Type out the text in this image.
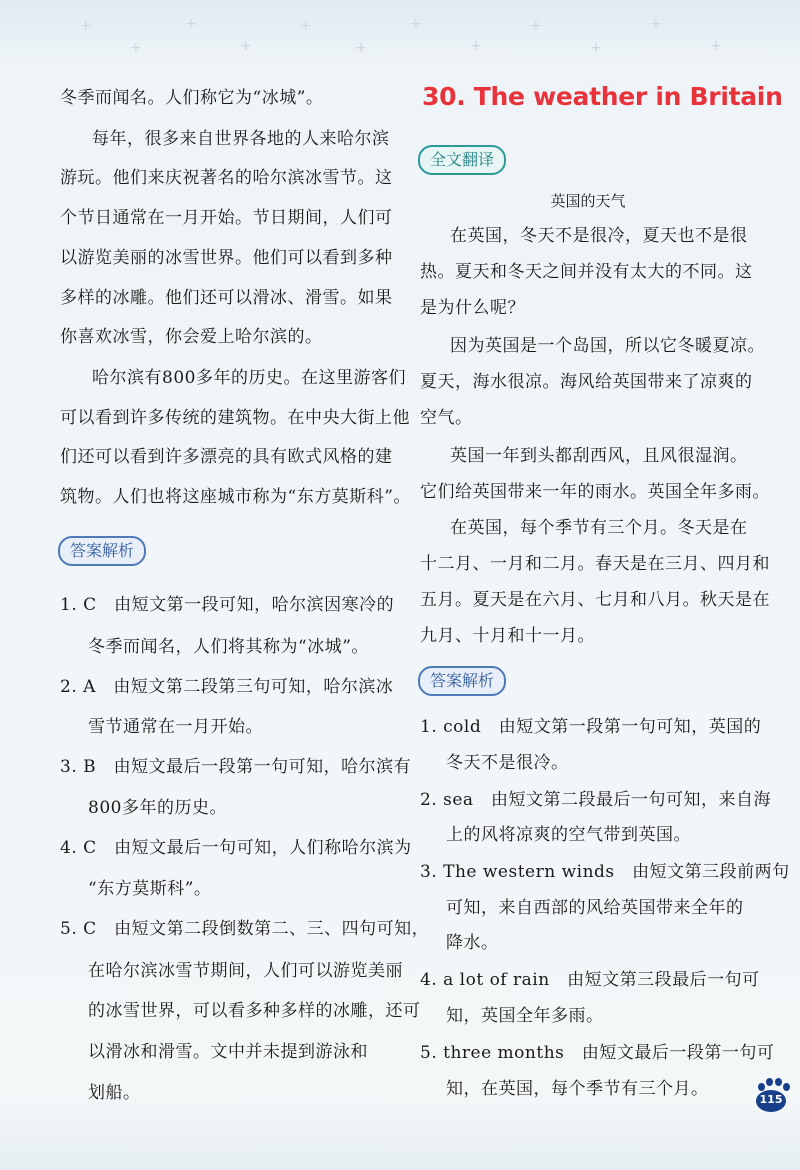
+
+
+
+
+
+
+
+
+
+
+
+
冬季而闻名。人们称它为“冰城”。
每年，很多来自世界各地的人来哈尔滨
游玩。他们来庆祝著名的哈尔滨冰雪节。这
个节日通常在一月开始。节日期间，人们可
以游览美丽的冰雪世界。他们可以看到多种
多样的冰雕。他们还可以滑冰、滑雪。如果
你喜欢冰雪，你会爱上哈尔滨的。
哈尔滨有800多年的历史。在这里游客们
可以看到许多传统的建筑物。在中央大街上他
们还可以看到许多漂亮的具有欧式风格的建
筑物。人们也将这座城市称为“东方莫斯科”。
答案解析
1. C　由短文第一段可知，哈尔滨因寒冷的
冬季而闻名，人们将其称为“冰城”。
2. A　由短文第二段第三句可知，哈尔滨冰
雪节通常在一月开始。
3. B　由短文最后一段第一句可知，哈尔滨有
800多年的历史。
4. C　由短文最后一句可知，人们称哈尔滨为
“东方莫斯科”。
5. C　由短文第二段倒数第二、三、四句可知，
在哈尔滨冰雪节期间，人们可以游览美丽
的冰雪世界，可以看多种多样的冰雕，还可
以滑冰和滑雪。文中并未提到游泳和
划船。
30. The weather in Britain
全文翻译
英国的天气
在英国，冬天不是很冷，夏天也不是很
热。夏天和冬天之间并没有太大的不同。这
是为什么呢？
因为英国是一个岛国，所以它冬暖夏凉。
夏天，海水很凉。海风给英国带来了凉爽的
空气。
英国一年到头都刮西风，且风很湿润。
它们给英国带来一年的雨水。英国全年多雨。
在英国，每个季节有三个月。冬天是在
十二月、一月和二月。春天是在三月、四月和
五月。夏天是在六月、七月和八月。秋天是在
九月、十月和十一月。
答案解析
1. cold　由短文第一段第一句可知，英国的
冬天不是很冷。
2. sea　由短文第二段最后一句可知，来自海
上的风将凉爽的空气带到英国。
3. The western winds　由短文第三段前两句
可知，来自西部的风给英国带来全年的
降水。
4. a lot of rain　由短文第三段最后一句可
知，英国全年多雨。
5. three months　由短文最后一段第一句可
知，在英国，每个季节有三个月。
115
